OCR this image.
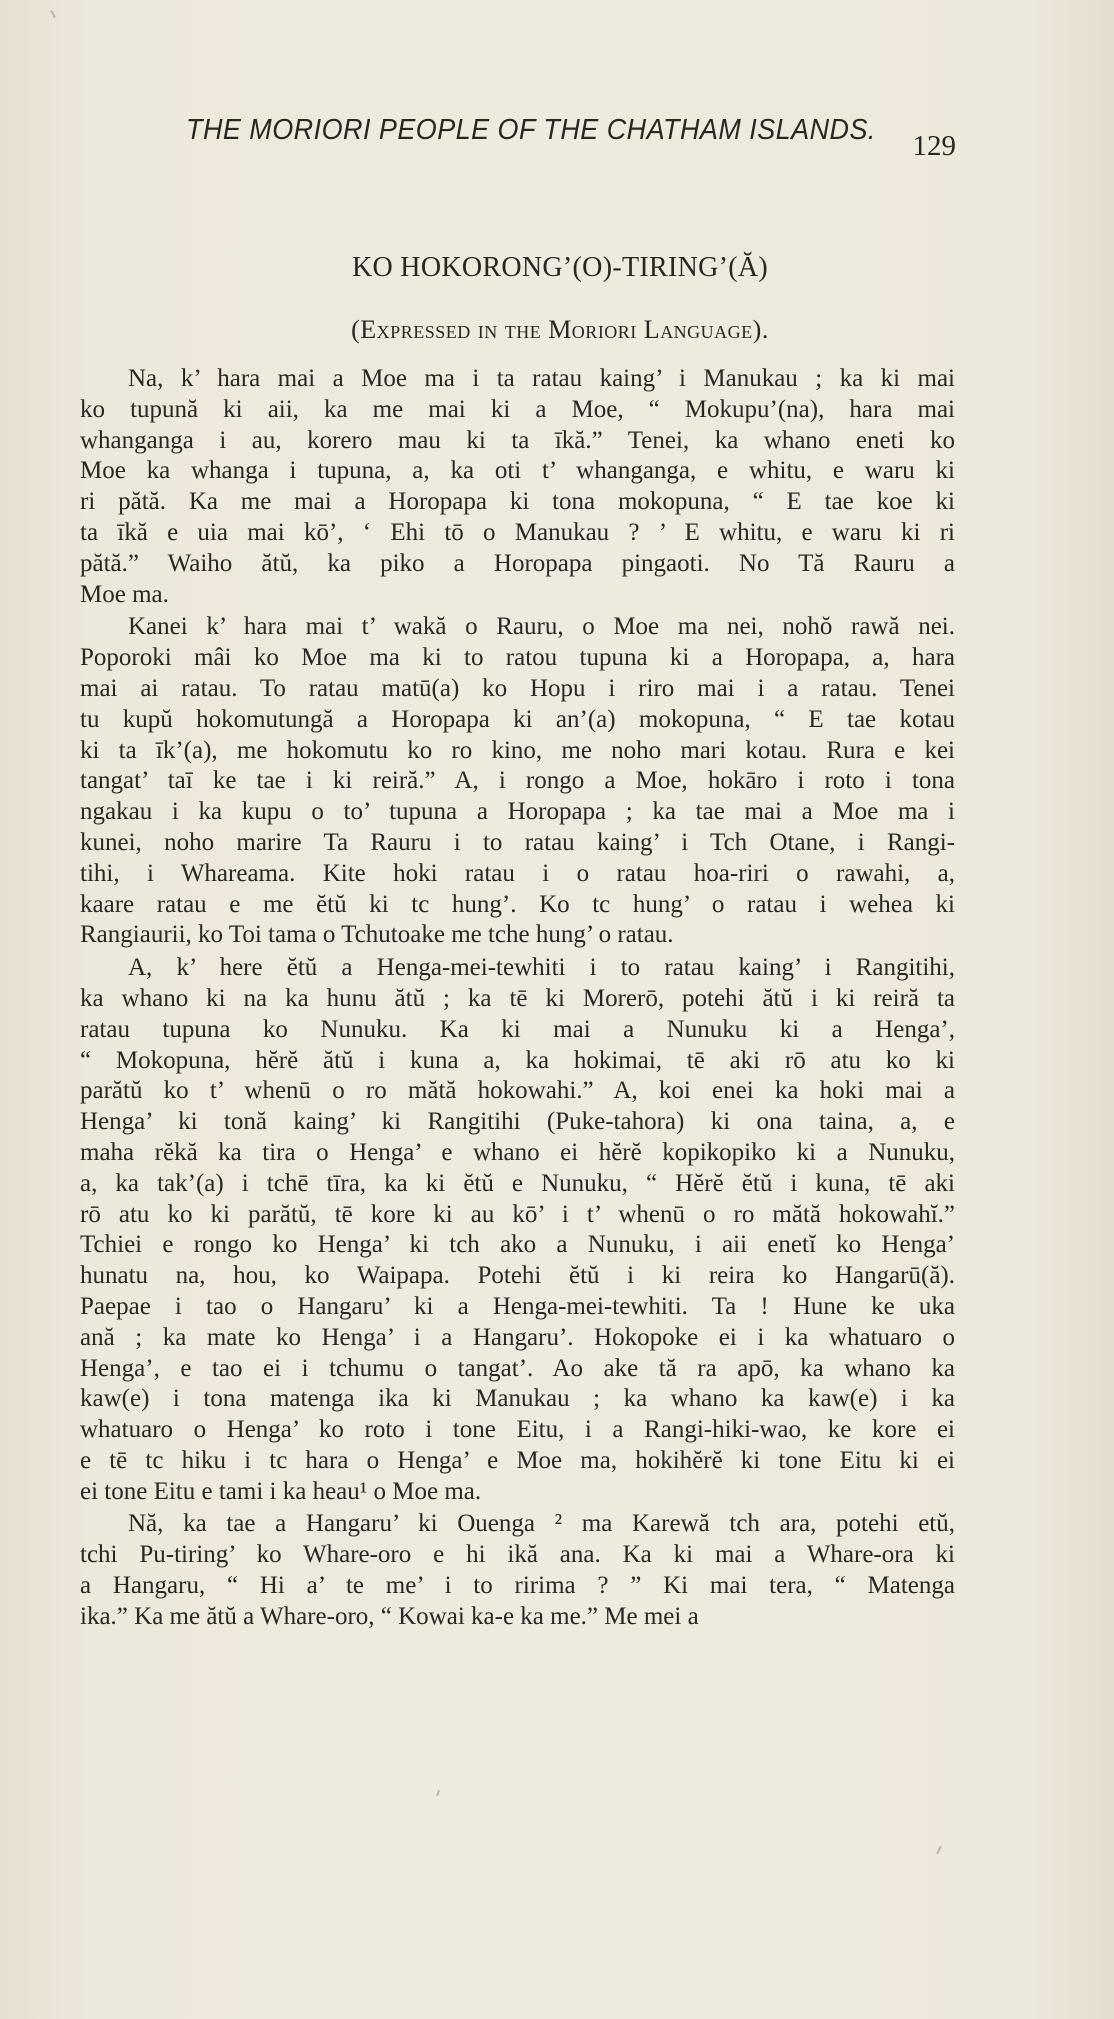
THE MORIORI PEOPLE OF THE CHATHAM ISLANDS. 129
KO HOKORONG’(O)-TIRING’(Ă)
(Expressed in the Moriori Language).
Na, k’ hara mai a Moe ma i ta ratau kaing’ i Manukau ; ka ki mai
ko tupună ki aii, ka me mai ki a Moe, “ Mokupu’(na), hara mai
whanganga i au, korero mau ki ta īkă.” Tenei, ka whano eneti ko
Moe ka whanga i tupuna, a, ka oti t’ whanganga, e whitu, e waru ki
ri pătă. Ka me mai a Horopapa ki tona mokopuna, “ E tae koe ki
ta īkă e uia mai kō’, ‘ Ehi tō o Manukau ? ’ E whitu, e waru ki ri
pătă.” Waiho ătŭ, ka piko a Horopapa pingaoti. No Tă Rauru a
Moe ma.
Kanei k’ hara mai t’ wakă o Rauru, o Moe ma nei, nohŏ rawă nei.
Poporoki mâi ko Moe ma ki to ratou tupuna ki a Horopapa, a, hara
mai ai ratau. To ratau matū(a) ko Hopu i riro mai i a ratau. Tenei
tu kupŭ hokomutungă a Horopapa ki an’(a) mokopuna, “ E tae kotau
ki ta īk’(a), me hokomutu ko ro kino, me noho mari kotau. Rura e kei
tangat’ taī ke tae i ki reiră.” A, i rongo a Moe, hokāro i roto i tona
ngakau i ka kupu o to’ tupuna a Horopapa ; ka tae mai a Moe ma i
kunei, noho marire Ta Rauru i to ratau kaing’ i Tch Otane, i Rangi-
tihi, i Whareama. Kite hoki ratau i o ratau hoa-riri o rawahi, a,
kaare ratau e me ĕtŭ ki tc hung’. Ko tc hung’ o ratau i wehea ki
Rangiaurii, ko Toi tama o Tchutoake me tche hung’ o ratau.
A, k’ here ĕtŭ a Henga-mei-tewhiti i to ratau kaing’ i Rangitihi,
ka whano ki na ka hunu ătŭ ; ka tē ki Morerō, potehi ătŭ i ki reiră ta
ratau tupuna ko Nunuku. Ka ki mai a Nunuku ki a Henga’,
“ Mokopuna, hĕrĕ ătŭ i kuna a, ka hokimai, tē aki rō atu ko ki
parătŭ ko t’ whenū o ro mătă hokowahi.” A, koi enei ka hoki mai a
Henga’ ki tonă kaing’ ki Rangitihi (Puke-tahora) ki ona taina, a, e
maha rĕkă ka tira o Henga’ e whano ei hĕrĕ kopikopiko ki a Nunuku,
a, ka tak’(a) i tchē tīra, ka ki ĕtŭ e Nunuku, “ Hĕrĕ ĕtŭ i kuna, tē aki
rō atu ko ki parătŭ, tē kore ki au kō’ i t’ whenū o ro mătă hokowahĭ.”
Tchiei e rongo ko Henga’ ki tch ako a Nunuku, i aii enetĭ ko Henga’
hunatu na, hou, ko Waipapa. Potehi ĕtŭ i ki reira ko Hangarū(ă).
Paepae i tao o Hangaru’ ki a Henga-mei-tewhiti. Ta ! Hune ke uka
ană ; ka mate ko Henga’ i a Hangaru’. Hokopoke ei i ka whatuaro o
Henga’, e tao ei i tchumu o tangat’. Ao ake tă ra apō, ka whano ka
kaw(e) i tona matenga ika ki Manukau ; ka whano ka kaw(e) i ka
whatuaro o Henga’ ko roto i tone Eitu, i a Rangi-hiki-wao, ke kore ei
e tē tc hiku i tc hara o Henga’ e Moe ma, hokihĕrĕ ki tone Eitu ki ei
ei tone Eitu e tami i ka heau¹ o Moe ma.
Nă, ka tae a Hangaru’ ki Ouenga ² ma Karewă tch ara, potehi etŭ,
tchi Pu-tiring’ ko Whare-oro e hi ikă ana. Ka ki mai a Whare-ora ki
a Hangaru, “ Hi a’ te me’ i to ririma ? ” Ki mai tera, “ Matenga
ika.” Ka me ătŭ a Whare-oro, “ Kowai ka-e ka me.” Me mei a
